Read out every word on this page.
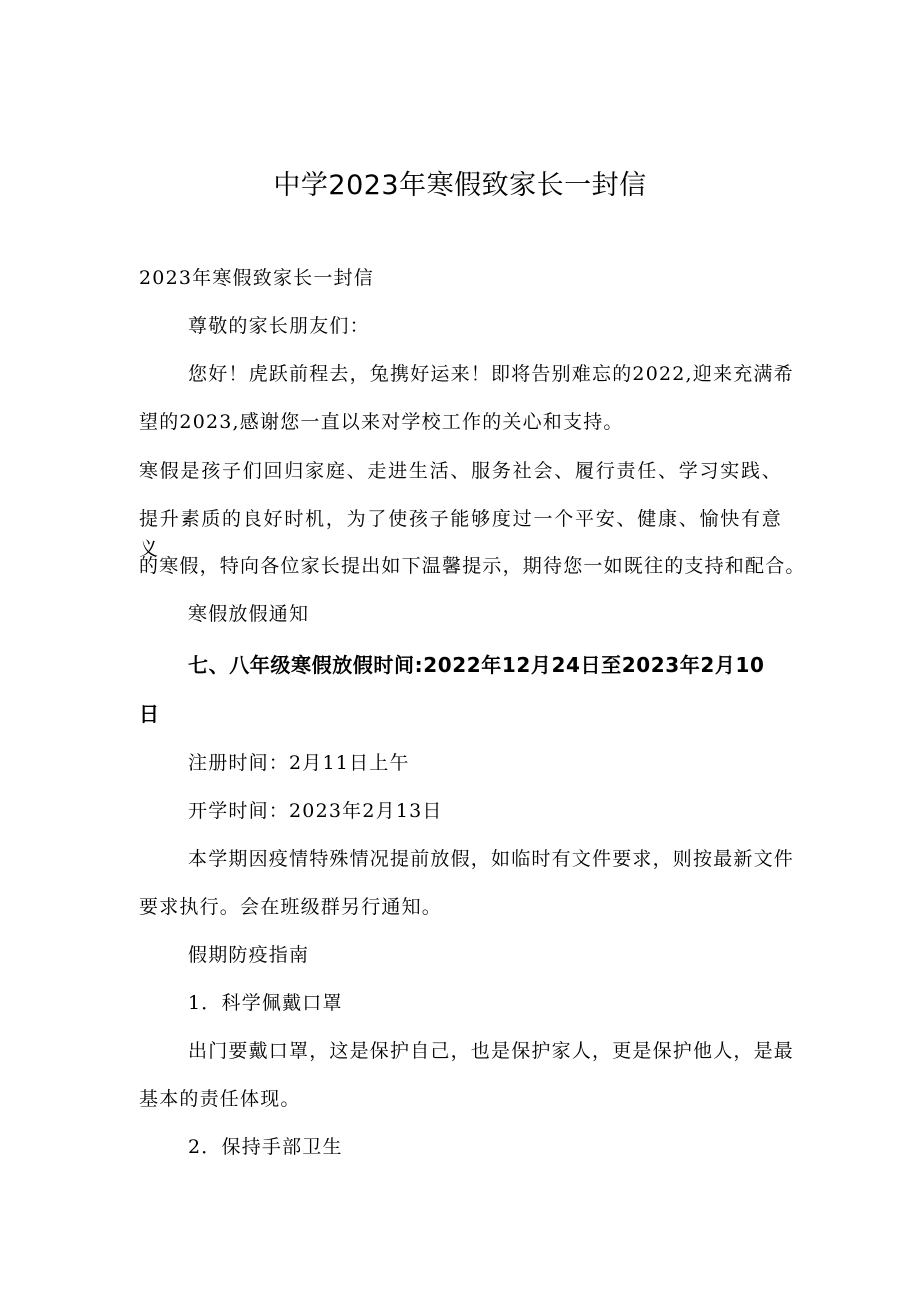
中学2023年寒假致家长一封信
2023年寒假致家长一封信
尊敬的家长朋友们：
您好！虎跃前程去，兔携好运来！即将告别难忘的2022,迎来充满希
望的2023,感谢您一直以来对学校工作的关心和支持。
寒假是孩子们回归家庭、走进生活、服务社会、履行责任、学习实践、
提升素质的良好时机，为了使孩子能够度过一个平安、健康、愉快有意义
的寒假，特向各位家长提出如下温馨提示，期待您一如既往的支持和配合。
寒假放假通知
七、八年级寒假放假时间:2022年12月24日至2023年2月10
日
注册时间：2月11日上午
开学时间：2023年2月13日
本学期因疫情特殊情况提前放假，如临时有文件要求，则按最新文件
要求执行。会在班级群另行通知。
假期防疫指南
1．科学佩戴口罩
出门要戴口罩，这是保护自己，也是保护家人，更是保护他人，是最
基本的责任体现。
2．保持手部卫生
